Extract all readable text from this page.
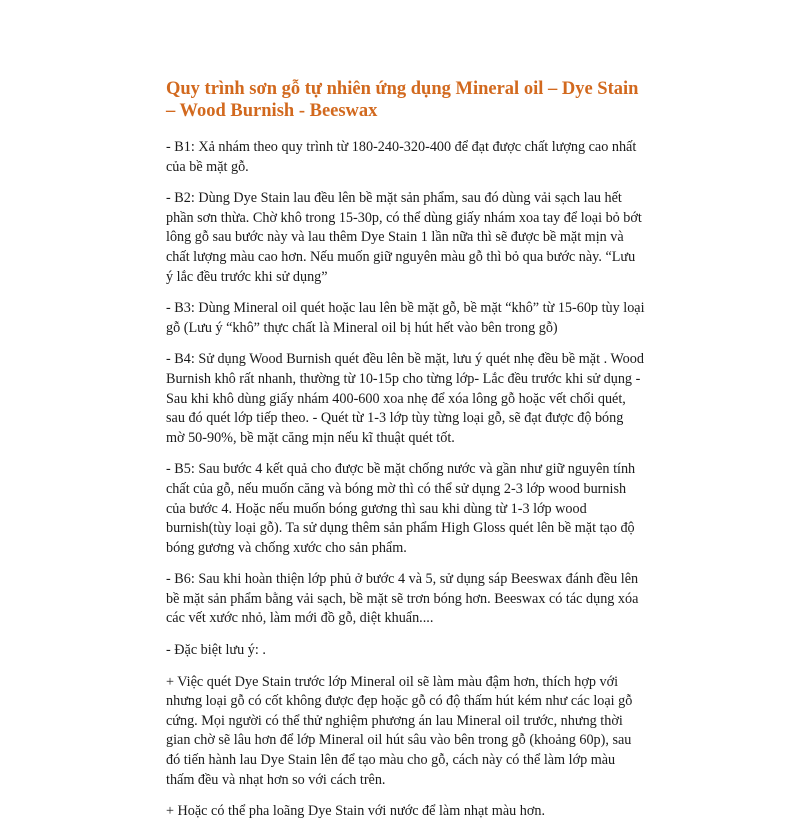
Quy trình sơn gỗ tự nhiên ứng dụng Mineral oil – Dye Stain – Wood Burnish - Beeswax
- B1: Xả nhám theo quy trình từ 180-240-320-400 để đạt được chất lượng cao nhất của bề mặt gỗ.
- B2: Dùng Dye Stain lau đều lên bề mặt sản phẩm, sau đó dùng vải sạch lau hết phần sơn thừa. Chờ khô trong 15-30p, có thể dùng giấy nhám xoa tay để loại bỏ bớt lông gỗ sau bước này và lau thêm Dye Stain 1 lần nữa thì sẽ được bề mặt mịn và chất lượng màu cao hơn. Nếu muốn giữ nguyên màu gỗ thì bỏ qua bước này. “Lưu ý lắc đều trước khi sử dụng”
- B3: Dùng Mineral oil quét hoặc lau lên bề mặt gỗ, bề mặt “khô” từ 15-60p tùy loại gỗ (Lưu ý “khô” thực chất là Mineral oil bị hút hết vào bên trong gỗ)
- B4: Sử dụng Wood Burnish quét đều lên bề mặt, lưu ý quét nhẹ đều bề mặt . Wood Burnish khô rất nhanh, thường từ 10-15p cho từng lớp- Lắc đều trước khi sử dụng - Sau khi khô dùng giấy nhám 400-600 xoa nhẹ để xóa lông gỗ hoặc vết chổi quét, sau đó quét lớp tiếp theo. - Quét từ 1-3 lớp tùy từng loại gỗ, sẽ đạt được độ bóng mờ 50-90%, bề mặt căng mịn nếu kĩ thuật quét tốt.
- B5: Sau bước 4 kết quả cho được bề mặt chống nước và gần như giữ nguyên tính chất của gỗ, nếu muốn căng và bóng mờ thì có thể sử dụng 2-3 lớp wood burnish của bước 4. Hoặc nếu muốn bóng gương thì sau khi dùng từ 1-3 lớp wood burnish(tùy loại gỗ). Ta sử dụng thêm sản phẩm High Gloss quét lên bề mặt tạo độ bóng gương và chống xước cho sản phẩm.
- B6: Sau khi hoàn thiện lớp phủ ở bước 4 và 5, sử dụng sáp Beeswax đánh đều lên bề mặt sản phẩm bằng vải sạch, bề mặt sẽ trơn bóng hơn. Beeswax có tác dụng xóa các vết xước nhỏ, làm mới đồ gỗ, diệt khuẩn....
- Đặc biệt lưu ý: .
+ Việc quét Dye Stain trước lớp Mineral oil sẽ làm màu đậm hơn, thích hợp với nhưng loại gỗ có cốt không được đẹp hoặc gỗ có độ thấm hút kém như các loại gỗ cứng. Mọi người có thể thử nghiệm phương án lau Mineral oil trước, nhưng thời gian chờ sẽ lâu hơn để lớp Mineral oil hút sâu vào bên trong gỗ (khoảng 60p), sau đó tiến hành lau Dye Stain lên để tạo màu cho gỗ, cách này có thể làm lớp màu thấm đều và nhạt hơn so với cách trên.
+ Hoặc có thể pha loãng Dye Stain với nước để làm nhạt màu hơn.
